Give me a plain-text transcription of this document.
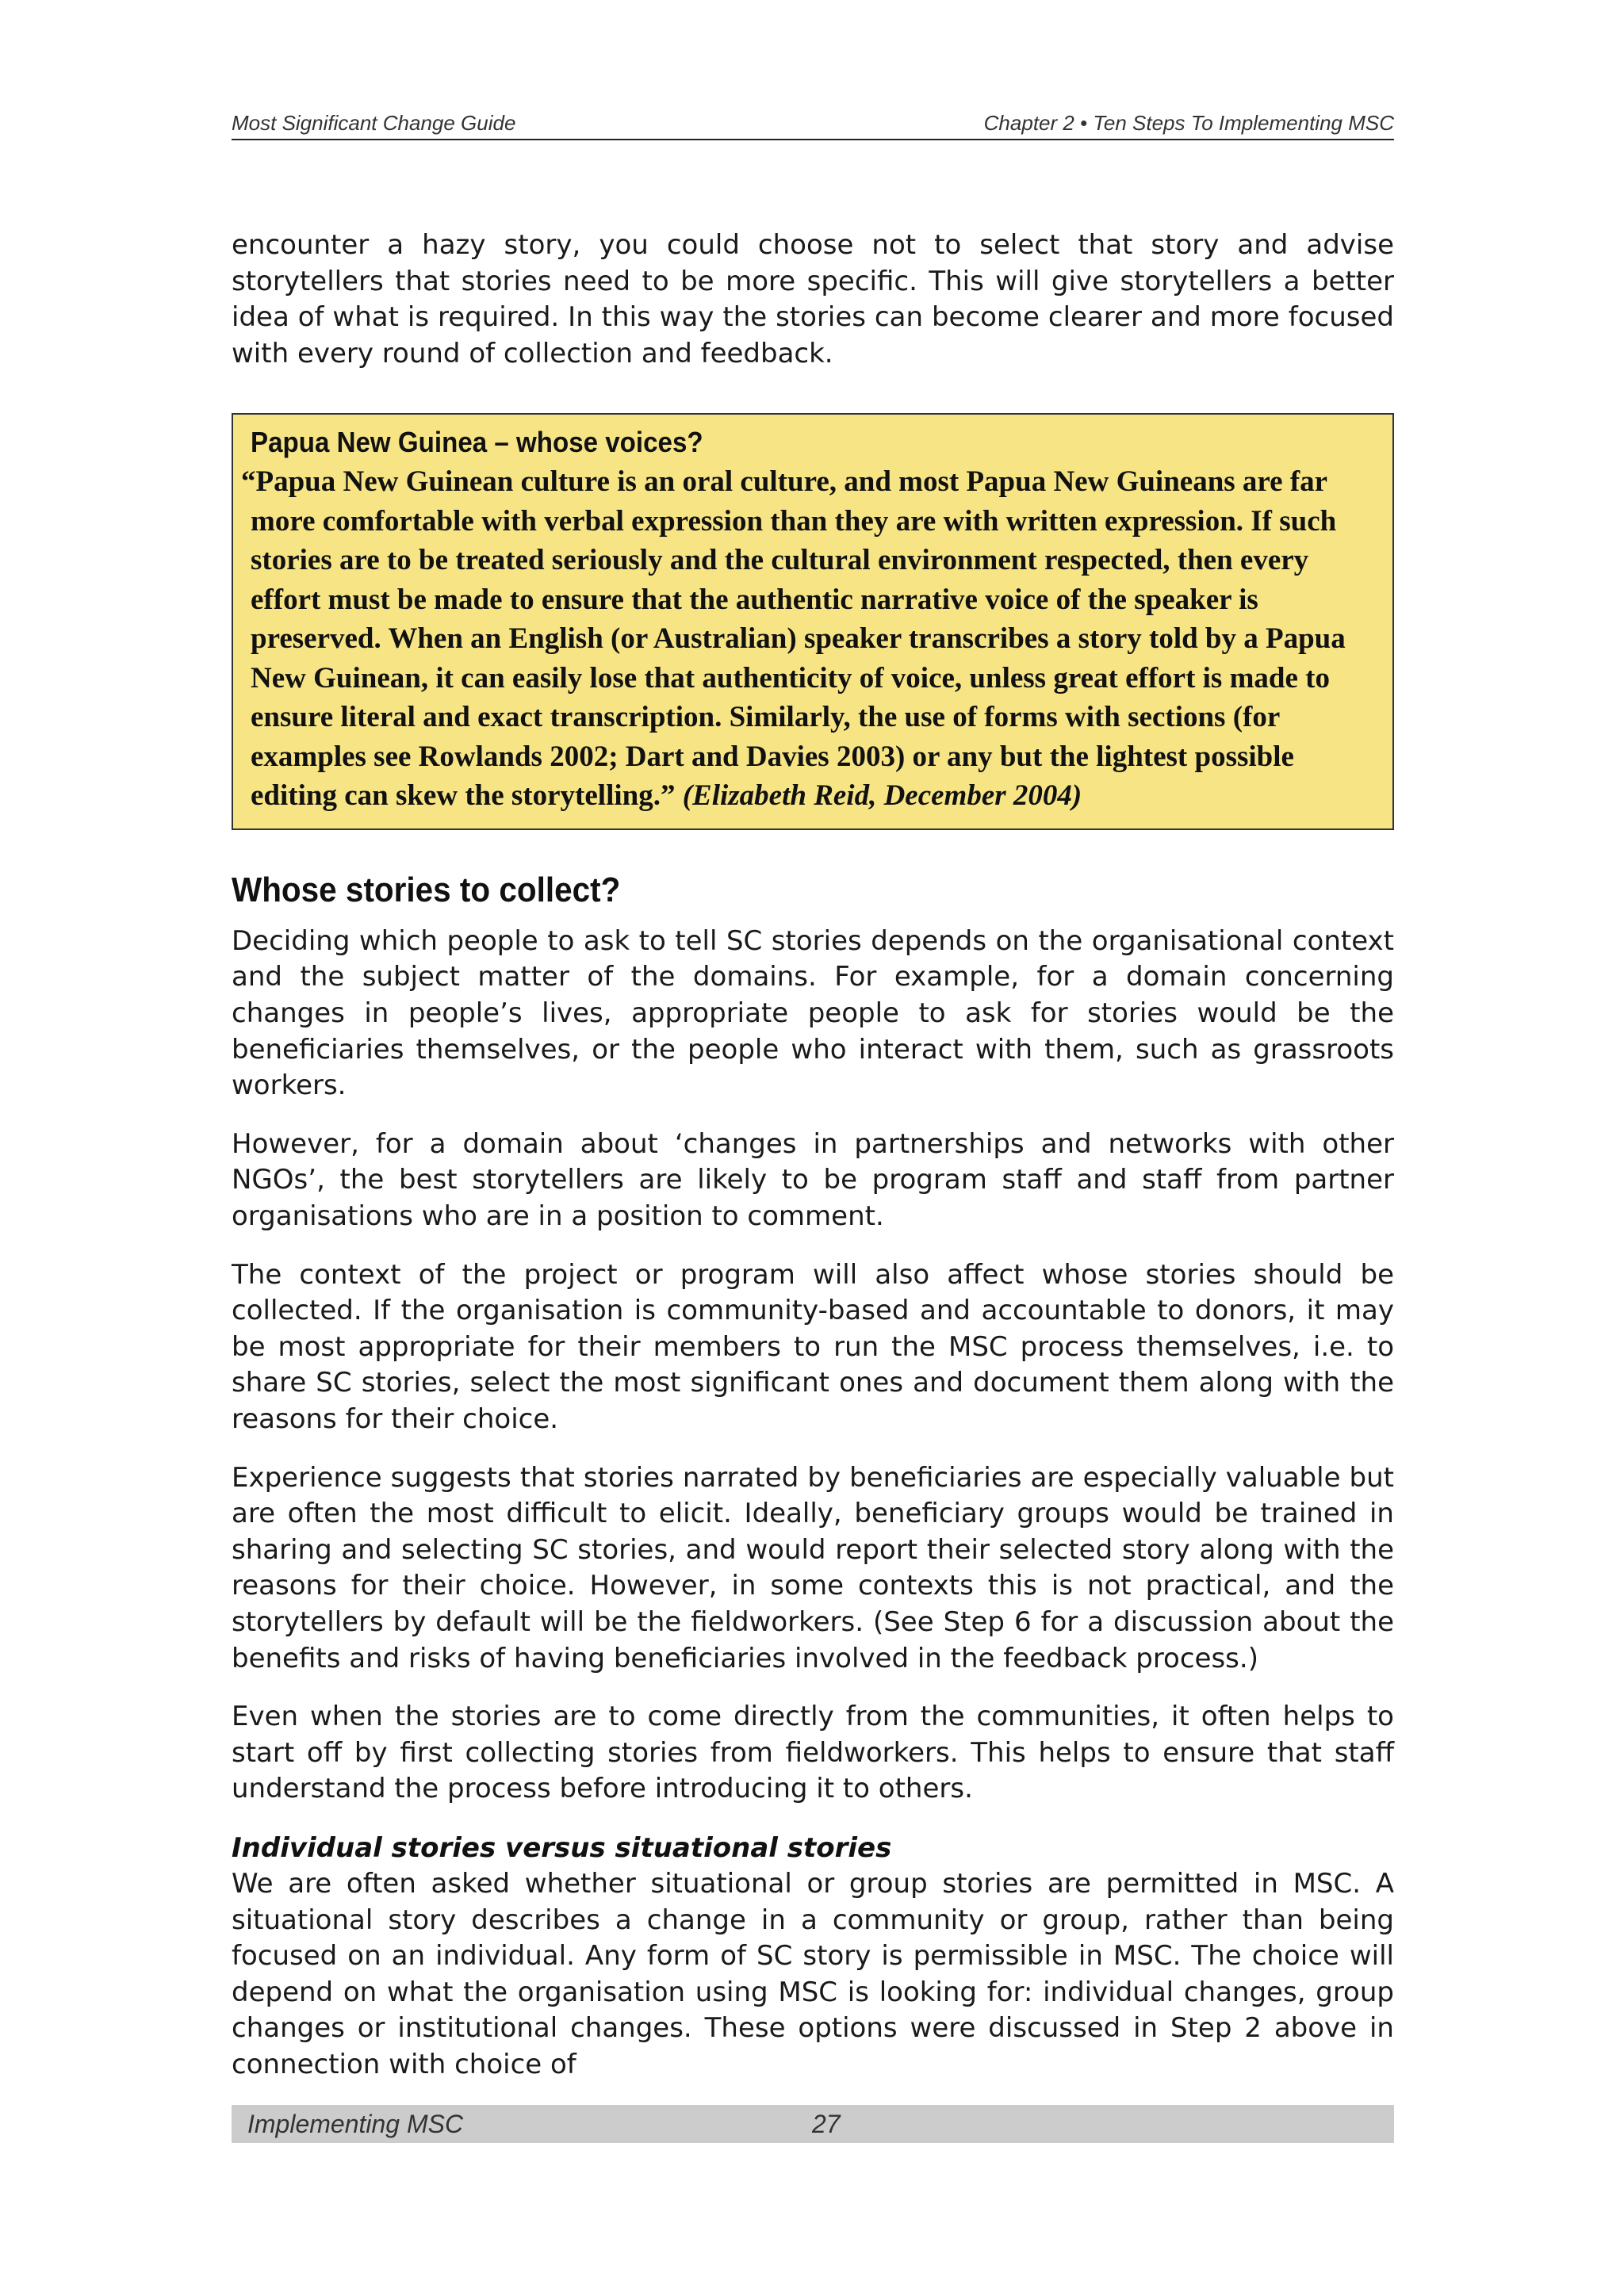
Most Significant Change Guide	Chapter 2 • Ten Steps To Implementing MSC

encounter a hazy story, you could choose not to select that story and advise storytellers that stories need to be more specific. This will give storytellers a better idea of what is required. In this way the stories can become clearer and more focused with every round of collection and feedback.

Papua New Guinea – whose voices?

“Papua New Guinean culture is an oral culture, and most Papua New Guineans are far more comfortable with verbal expression than they are with written expression. If such stories are to be treated seriously and the cultural environment respected, then every effort must be made to ensure that the authentic narrative voice of the speaker is preserved. When an English (or Australian) speaker transcribes a story told by a Papua New Guinean, it can easily lose that authenticity of voice, unless great effort is made to ensure literal and exact transcription. Similarly, the use of forms with sections (for examples see Rowlands 2002; Dart and Davies 2003) or any but the lightest possible editing can skew the storytelling.” (Elizabeth Reid, December 2004)

Whose stories to collect?

Deciding which people to ask to tell SC stories depends on the organisational context and the subject matter of the domains. For example, for a domain concerning changes in people’s lives, appropriate people to ask for stories would be the beneficiaries themselves, or the people who interact with them, such as grassroots workers.

However, for a domain about ‘changes in partnerships and networks with other NGOs’, the best storytellers are likely to be program staff and staff from partner organisations who are in a position to comment.

The context of the project or program will also affect whose stories should be collected. If the organisation is community-based and accountable to donors, it may be most appropriate for their members to run the MSC process themselves, i.e. to share SC stories, select the most significant ones and document them along with the reasons for their choice.

Experience suggests that stories narrated by beneficiaries are especially valuable but are often the most difficult to elicit. Ideally, beneficiary groups would be trained in sharing and selecting SC stories, and would report their selected story along with the reasons for their choice. However, in some contexts this is not practical, and the storytellers by default will be the fieldworkers. (See Step 6 for a discussion about the benefits and risks of having beneficiaries involved in the feedback process.)

Even when the stories are to come directly from the communities, it often helps to start off by first collecting stories from fieldworkers. This helps to ensure that staff understand the process before introducing it to others.

Individual stories versus situational stories

We are often asked whether situational or group stories are permitted in MSC. A situational story describes a change in a community or group, rather than being focused on an individual. Any form of SC story is permissible in MSC. The choice will depend on what the organisation using MSC is looking for: individual changes, group changes or institutional changes. These options were discussed in Step 2 above in connection with choice of

Implementing MSC	27
